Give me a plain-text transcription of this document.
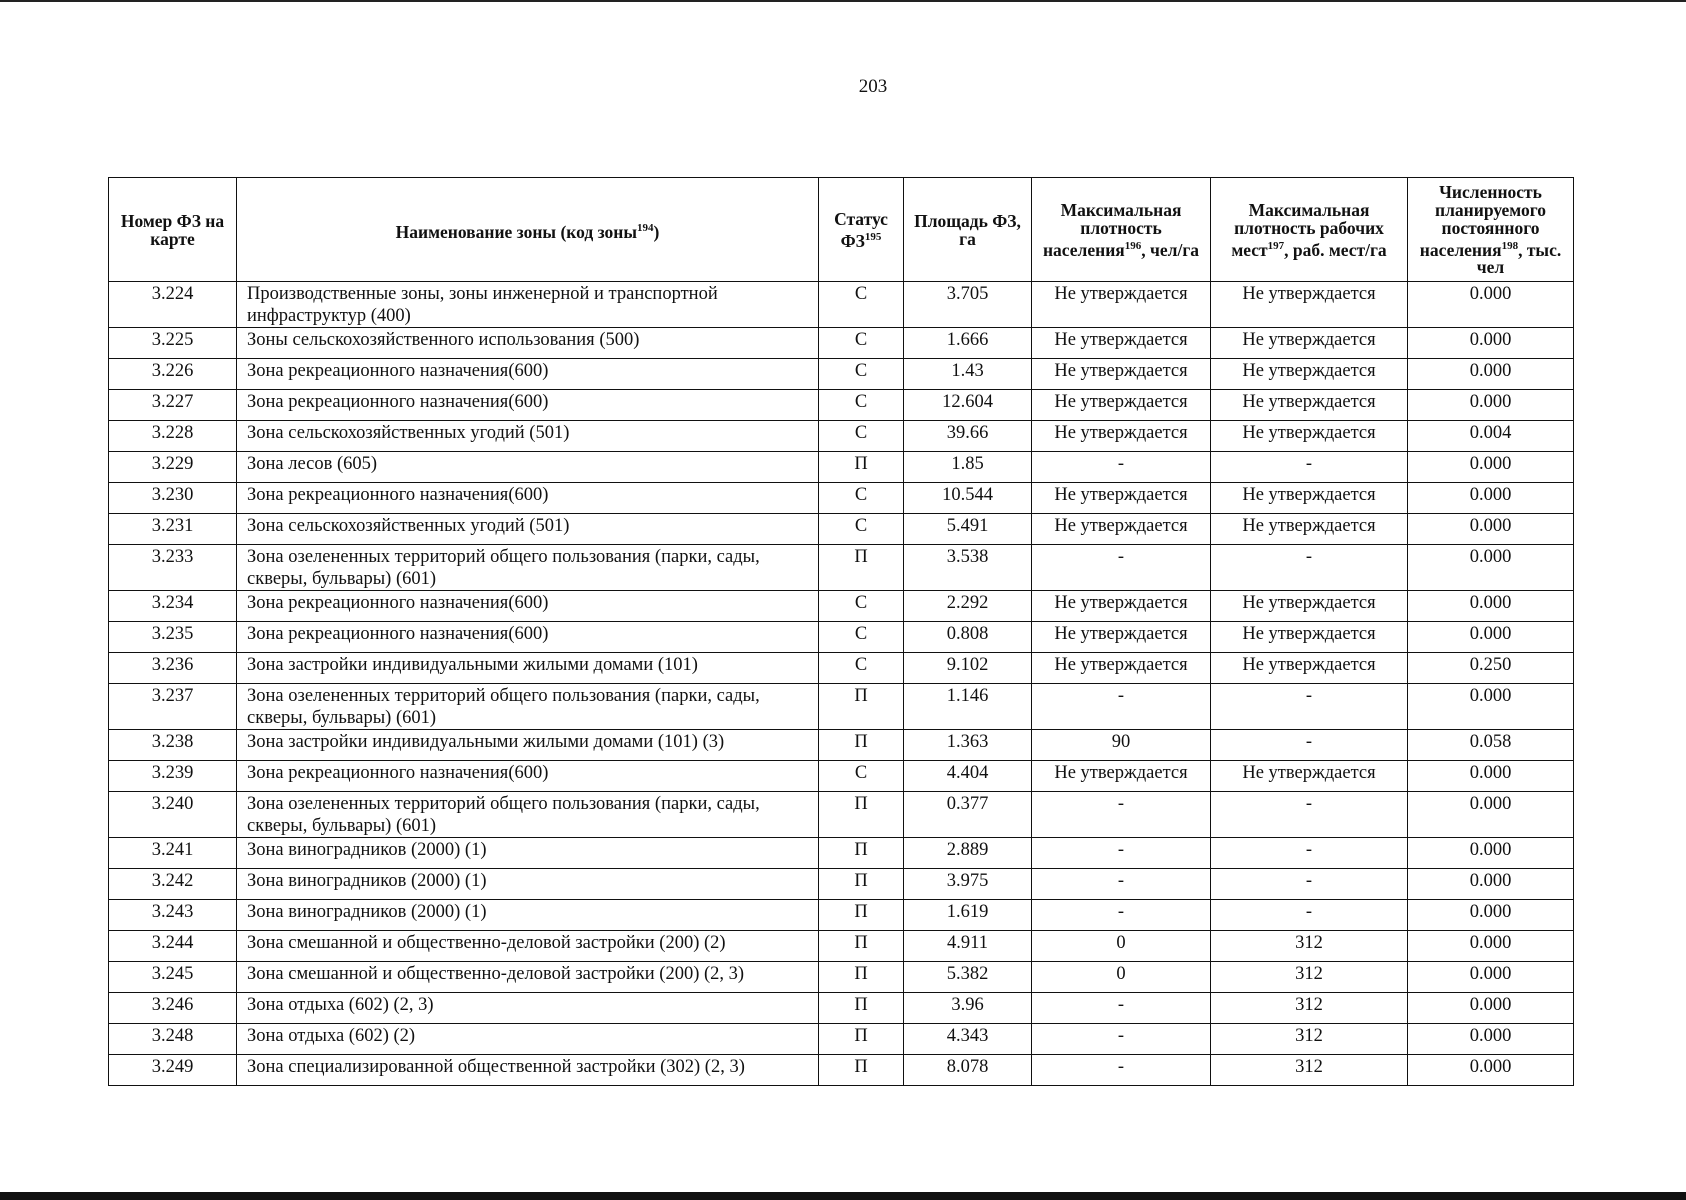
203
Номер ФЗ на карте	Наименование зоны (код зоны$^{194}$)	Статус ФЗ$^{195}$	Площадь ФЗ, га	Максимальная плотность населения$^{196}$, чел/га	Максимальная плотность рабочих мест$^{197}$, раб. мест/га	Численность планируемого постоянного населения$^{198}$, тыс. чел
3.224	Производственные зоны, зоны инженерной и транспортной инфраструктур (400)	С	3.705	Не утверждается	Не утверждается	0.000
3.225	Зоны сельскохозяйственного использования (500)	С	1.666	Не утверждается	Не утверждается	0.000
3.226	Зона рекреационного назначения(600)	С	1.43	Не утверждается	Не утверждается	0.000
3.227	Зона рекреационного назначения(600)	С	12.604	Не утверждается	Не утверждается	0.000
3.228	Зона сельскохозяйственных угодий (501)	С	39.66	Не утверждается	Не утверждается	0.004
3.229	Зона лесов (605)	П	1.85	-	-	0.000
3.230	Зона рекреационного назначения(600)	С	10.544	Не утверждается	Не утверждается	0.000
3.231	Зона сельскохозяйственных угодий (501)	С	5.491	Не утверждается	Не утверждается	0.000
3.233	Зона озелененных территорий общего пользования (парки, сады, скверы, бульвары) (601)	П	3.538	-	-	0.000
3.234	Зона рекреационного назначения(600)	С	2.292	Не утверждается	Не утверждается	0.000
3.235	Зона рекреационного назначения(600)	С	0.808	Не утверждается	Не утверждается	0.000
3.236	Зона застройки индивидуальными жилыми домами (101)	С	9.102	Не утверждается	Не утверждается	0.250
3.237	Зона озелененных территорий общего пользования (парки, сады, скверы, бульвары) (601)	П	1.146	-	-	0.000
3.238	Зона застройки индивидуальными жилыми домами (101) (3)	П	1.363	90	-	0.058
3.239	Зона рекреационного назначения(600)	С	4.404	Не утверждается	Не утверждается	0.000
3.240	Зона озелененных территорий общего пользования (парки, сады, скверы, бульвары) (601)	П	0.377	-	-	0.000
3.241	Зона виноградников (2000) (1)	П	2.889	-	-	0.000
3.242	Зона виноградников (2000) (1)	П	3.975	-	-	0.000
3.243	Зона виноградников (2000) (1)	П	1.619	-	-	0.000
3.244	Зона смешанной и общественно-деловой застройки (200) (2)	П	4.911	0	312	0.000
3.245	Зона смешанной и общественно-деловой застройки (200) (2, 3)	П	5.382	0	312	0.000
3.246	Зона отдыха (602) (2, 3)	П	3.96	-	312	0.000
3.248	Зона отдыха (602) (2)	П	4.343	-	312	0.000
3.249	Зона специализированной общественной застройки (302) (2, 3)	П	8.078	-	312	0.000
